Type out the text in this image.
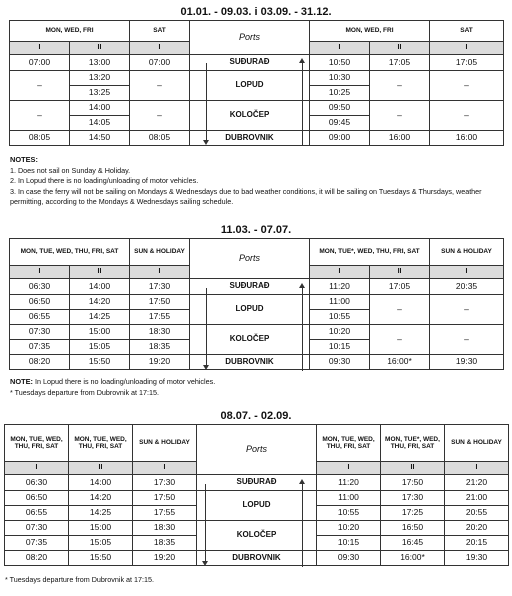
01.01. - 09.03. i 03.09. - 31.12.
MON, WED, FRI		SAT	Ports	MON, WED, FRI		SAT
I	II	I		I	II	I
07:00	13:00	07:00	SUĐURAĐ	10:50	17:05	17:05
–	13:20	–	LOPUD	10:30	–	–
	13:25			10:25		
–	14:00	–	KOLOČEP	09:50	–	–
	14:05			09:45		
08:05	14:50	08:05	DUBROVNIK	09:00	16:00	16:00
NOTES:
1. Does not sail on Sunday & Holiday.
2. In Lopud there is no loading/unloading of motor vehicles.
3. In case the ferry will not be sailing on Mondays & Wednesdays due to bad weather conditions, it will be sailing on Tuesdays & Thursdays, weather permitting, according to the Mondays & Wednesdays sailing schedule.
11.03. - 07.07.
MON, TUE, WED, THU, FRI, SAT		SUN & HOLIDAY	Ports	MON, TUE*, WED, THU, FRI, SAT		SUN & HOLIDAY
I	II	I		I	II	I
06:30	14:00	17:30	SUĐURAĐ	11:20	17:05	20:35
06:50	14:20	17:50	LOPUD	11:00	–	–
06:55	14:25	17:55		10:55		
07:30	15:00	18:30	KOLOČEP	10:20	–	–
07:35	15:05	18:35		10:15		
08:20	15:50	19:20	DUBROVNIK	09:30	16:00*	19:30
NOTE: In Lopud there is no loading/unloading of motor vehicles.
* Tuesdays departure from Dubrovnik at 17:15.
08.07. - 02.09.
MON, TUE, WED, THU, FRI, SAT	MON, TUE, WED, THU, FRI, SAT	SUN & HOLIDAY	Ports	MON, TUE, WED, THU, FRI, SAT	MON, TUE*, WED, THU, FRI, SAT	SUN & HOLIDAY
I	II	I		I	II	I
06:30	14:00	17:30	SUĐURAĐ	11:20	17:50	21:20
06:50	14:20	17:50	LOPUD	11:00	17:30	21:00
06:55	14:25	17:55		10:55	17:25	20:55
07:30	15:00	18:30	KOLOČEP	10:20	16:50	20:20
07:35	15:05	18:35		10:15	16:45	20:15
08:20	15:50	19:20	DUBROVNIK	09:30	16:00*	19:30
* Tuesdays departure from Dubrovnik at 17:15.
